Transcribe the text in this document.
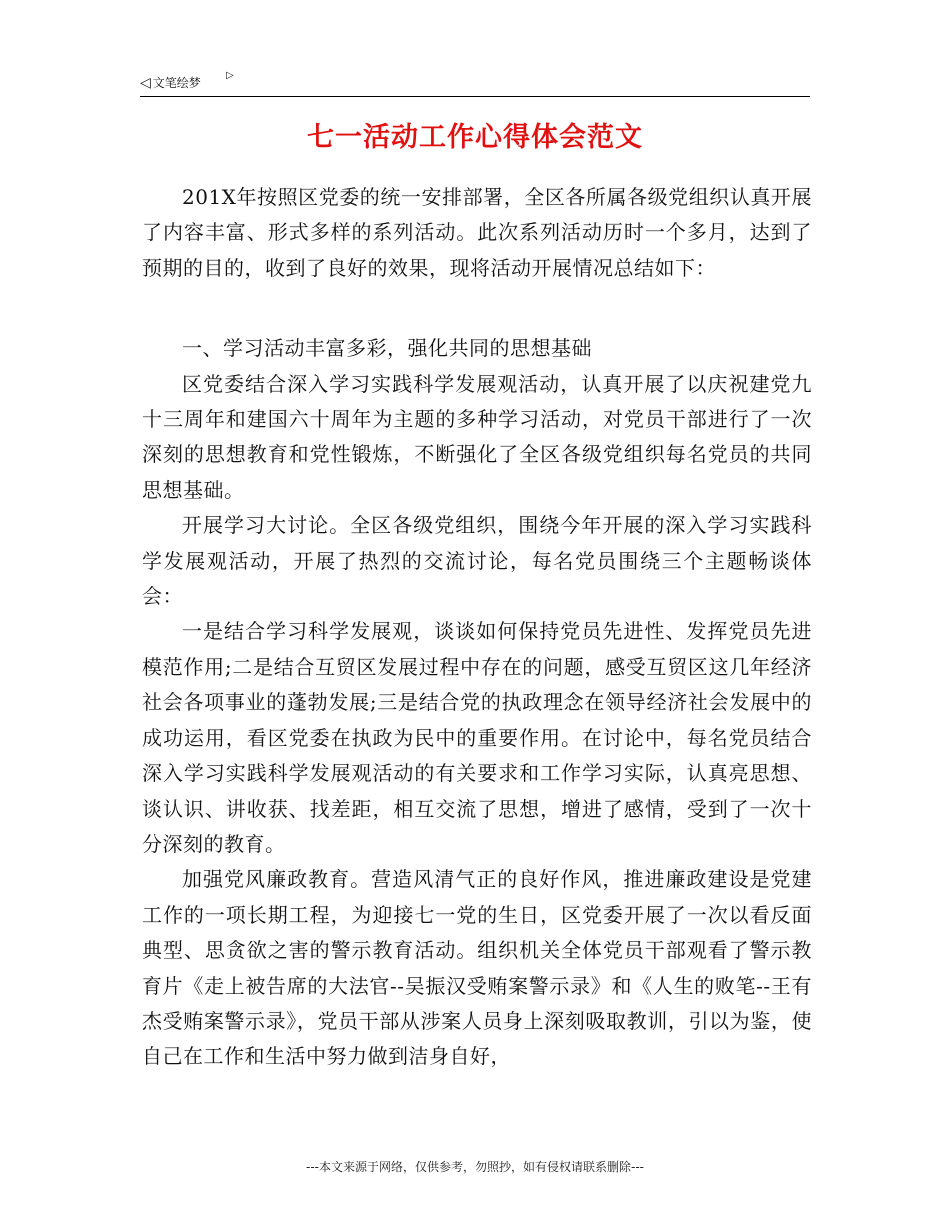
◁ 文笔绘梦
▷
七一活动工作心得体会范文

201X年按照区党委的统一安排部署，全区各所属各级党组织认真开展了内容丰富、形式多样的系列活动。此次系列活动历时一个多月，达到了预期的目的，收到了良好的效果，现将活动开展情况总结如下：

一、学习活动丰富多彩，强化共同的思想基础

区党委结合深入学习实践科学发展观活动，认真开展了以庆祝建党九十三周年和建国六十周年为主题的多种学习活动，对党员干部进行了一次深刻的思想教育和党性锻炼，不断强化了全区各级党组织每名党员的共同思想基础。

开展学习大讨论。全区各级党组织，围绕今年开展的深入学习实践科学发展观活动，开展了热烈的交流讨论，每名党员围绕三个主题畅谈体会：

一是结合学习科学发展观，谈谈如何保持党员先进性、发挥党员先进模范作用;二是结合互贸区发展过程中存在的问题，感受互贸区这几年经济社会各项事业的蓬勃发展;三是结合党的执政理念在领导经济社会发展中的成功运用，看区党委在执政为民中的重要作用。在讨论中，每名党员结合深入学习实践科学发展观活动的有关要求和工作学习实际，认真亮思想、谈认识、讲收获、找差距，相互交流了思想，增进了感情，受到了一次十分深刻的教育。

加强党风廉政教育。营造风清气正的良好作风，推进廉政建设是党建工作的一项长期工程，为迎接七一党的生日，区党委开展了一次以看反面典型、思贪欲之害的警示教育活动。组织机关全体党员干部观看了警示教育片《走上被告席的大法官--吴振汉受贿案警示录》和《人生的败笔--王有杰受贿案警示录》，党员干部从涉案人员身上深刻吸取教训，引以为鉴，使自己在工作和生活中努力做到洁身自好，

---本文来源于网络，仅供参考，勿照抄，如有侵权请联系删除---
